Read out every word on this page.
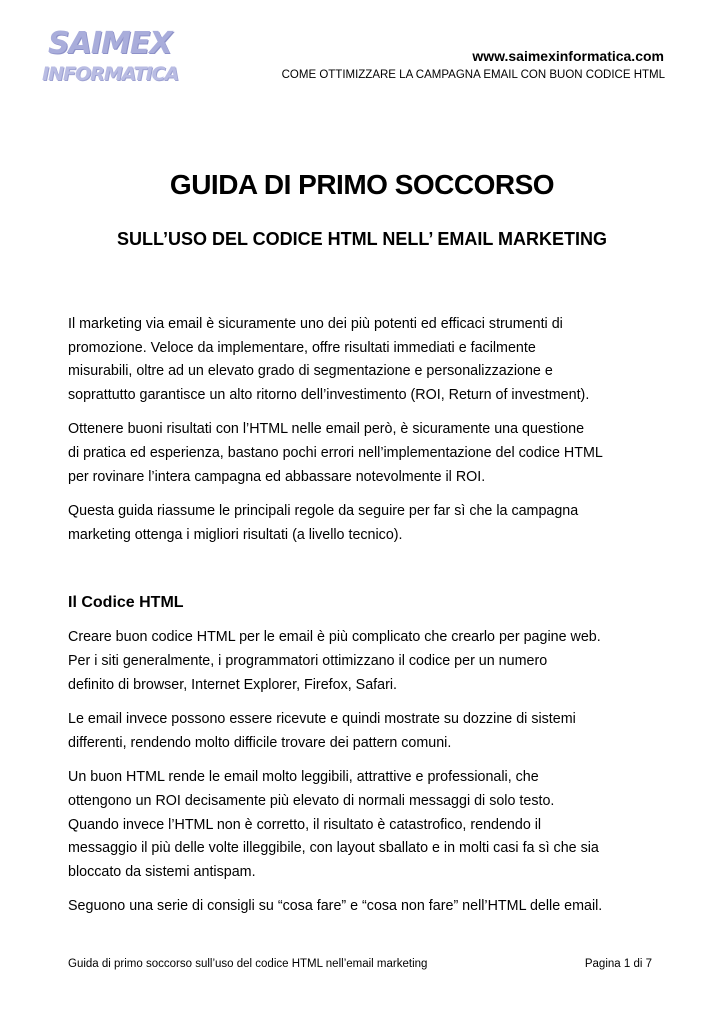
SAIMEX
INFORMATICA
www.saimexinformatica.com
COME OTTIMIZZARE LA CAMPAGNA EMAIL CON BUON CODICE HTML
GUIDA DI PRIMO SOCCORSO
SULL’USO DEL CODICE HTML NELL’ EMAIL MARKETING

Il marketing via email è sicuramente uno dei più potenti ed efficaci strumenti di
promozione. Veloce da implementare, offre risultati immediati e facilmente
misurabili, oltre ad un elevato grado di segmentazione e personalizzazione e
soprattutto garantisce un alto ritorno dell’investimento (ROI, Return of investment).

Ottenere buoni risultati con l’HTML nelle email però, è sicuramente una questione
di pratica ed esperienza, bastano pochi errori nell’implementazione del codice HTML
per rovinare l’intera campagna ed abbassare notevolmente il ROI.

Questa guida riassume le principali regole da seguire per far sì che la campagna
marketing ottenga i migliori risultati (a livello tecnico).

Il Codice HTML

Creare buon codice HTML per le email è più complicato che crearlo per pagine web.
Per i siti generalmente, i programmatori ottimizzano il codice per un numero
definito di browser, Internet Explorer, Firefox, Safari.

Le email invece possono essere ricevute e quindi mostrate su dozzine di sistemi
differenti, rendendo molto difficile trovare dei pattern comuni.

Un buon HTML rende le email molto leggibili, attrattive e professionali, che
ottengono un ROI decisamente più elevato di normali messaggi di solo testo.
Quando invece l’HTML non è corretto, il risultato è catastrofico, rendendo il
messaggio il più delle volte illeggibile, con layout sballato e in molti casi fa sì che sia
bloccato da sistemi antispam.

Seguono una serie di consigli su “cosa fare” e “cosa non fare” nell’HTML delle email.

Guida di primo soccorso sull’uso del codice HTML nell’email marketing	Pagina 1 di 7
